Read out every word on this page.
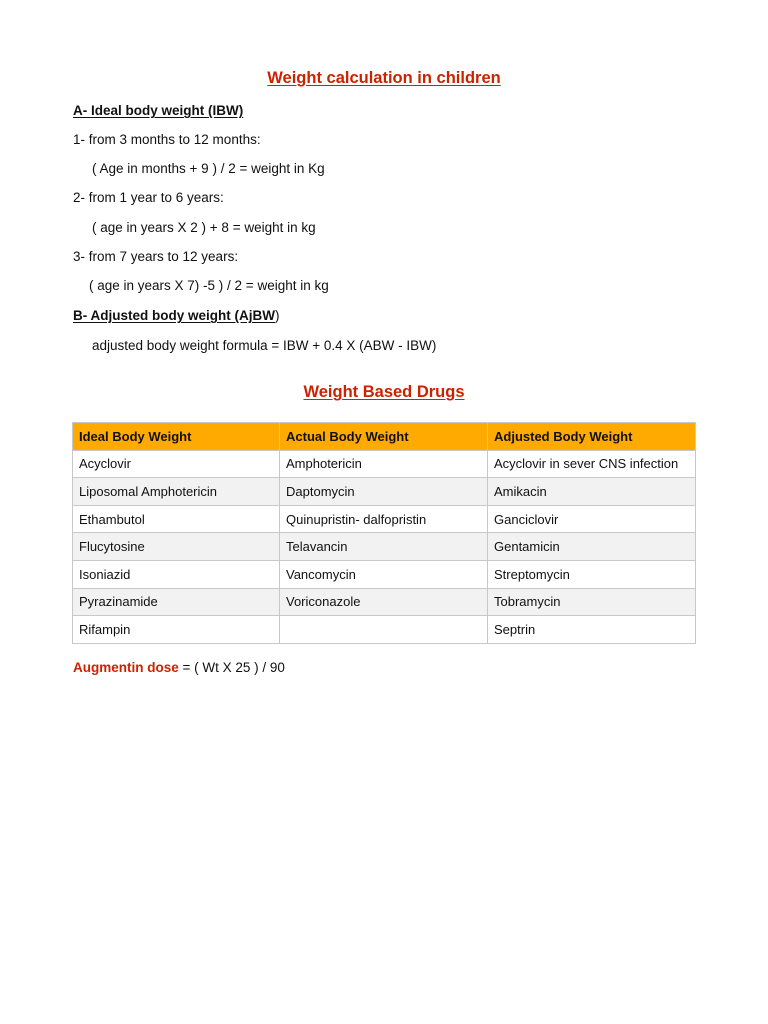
Weight calculation in children
A- Ideal body weight (IBW)
1- from 3 months to 12 months:
( Age in months + 9 ) / 2 = weight in Kg
2- from 1 year to 6 years:
( age in years X 2 ) + 8 = weight in kg
3- from 7 years to 12 years:
( age in years X 7) -5 ) / 2 = weight in kg
B- Adjusted body weight (AjBW)
adjusted body weight formula = IBW + 0.4 X (ABW - IBW)
Weight Based Drugs
Ideal Body Weight	Actual Body Weight	Adjusted Body Weight
Acyclovir	Amphotericin	Acyclovir in sever CNS infection
Liposomal Amphotericin	Daptomycin	Amikacin
Ethambutol	Quinupristin- dalfopristin	Ganciclovir
Flucytosine	Telavancin	Gentamicin
Isoniazid	Vancomycin	Streptomycin
Pyrazinamide	Voriconazole	Tobramycin
Rifampin		Septrin
Augmentin dose = ( Wt X 25 ) / 90
